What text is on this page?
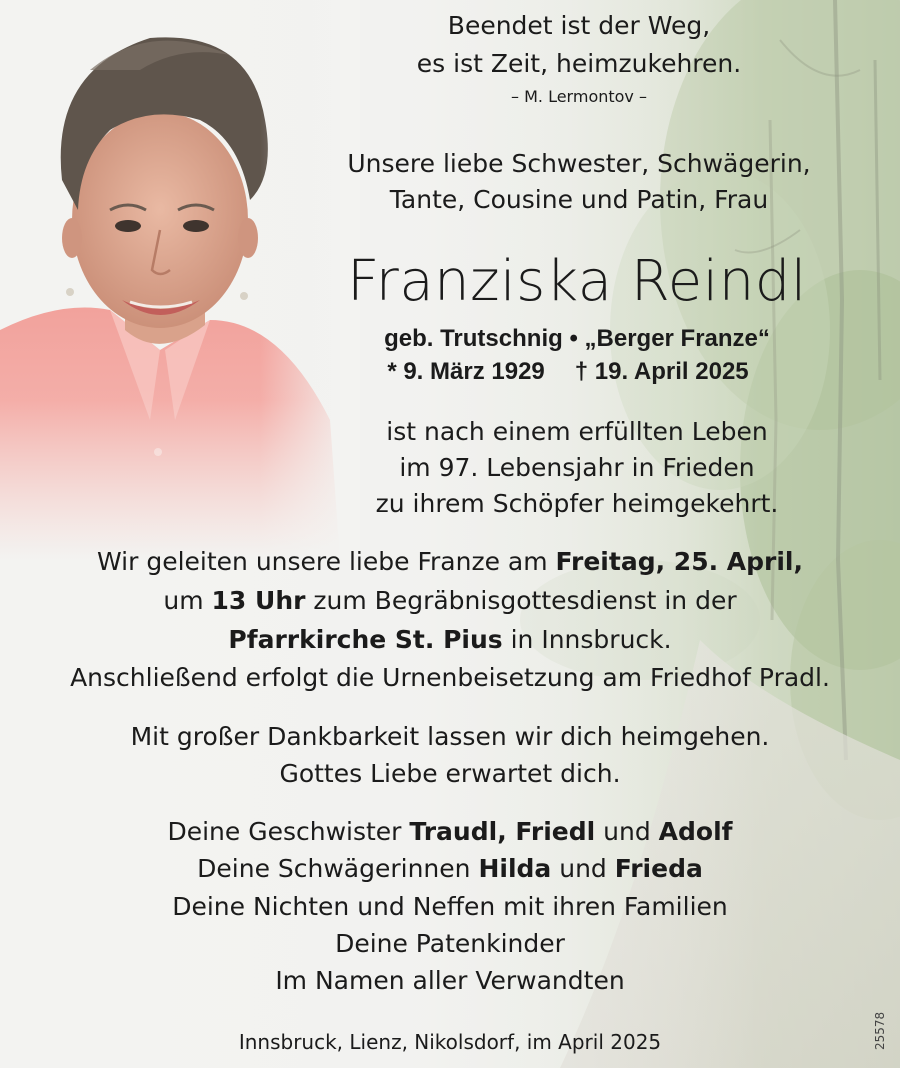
Beendet ist der Weg,

es ist Zeit, heimzukehren.

– M. Lermontov –

Unsere liebe Schwester, Schwägerin,

Tante, Cousine und Patin, Frau

Franziska Reindl

geb. Trutschnig • „Berger Franze“

* 9. März 1929 † 19. April 2025

ist nach einem erfüllten Leben

im 97. Lebensjahr in Frieden

zu ihrem Schöpfer heimgekehrt.

Wir geleiten unsere liebe Franze am Freitag, 25. April,

um 13 Uhr zum Begräbnisgottesdienst in der

Pfarrkirche St. Pius in Innsbruck.

Anschließend erfolgt die Urnenbeisetzung am Friedhof Pradl.

Mit großer Dankbarkeit lassen wir dich heimgehen.

Gottes Liebe erwartet dich.

Deine Geschwister Traudl, Friedl und Adolf

Deine Schwägerinnen Hilda und Frieda

Deine Nichten und Neffen mit ihren Familien

Deine Patenkinder

Im Namen aller Verwandten

Innsbruck, Lienz, Nikolsdorf, im April 2025	25578
